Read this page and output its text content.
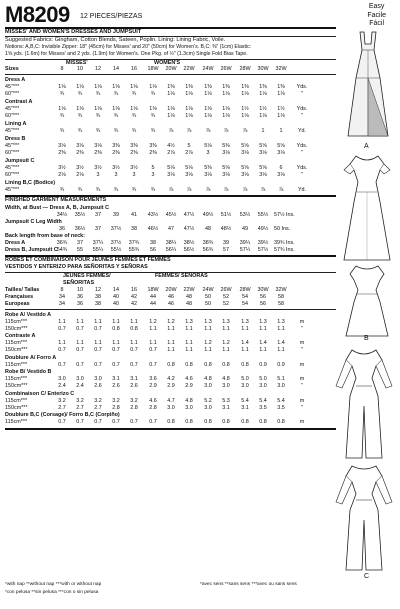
M8209 12 PIECES/PIEZAS
Easy
Facile
Fácil
MISSES' AND WOMEN'S DRESSES AND JUMPSUIT
Suggested Fabrics: Gingham, Cotton Blends, Sateen, Poplin. Lining: Lining Fabric, Voile.
Notions: A,B,C: Invisible Zipper: 18" (45cm) for Misses' and 20" (50cm) for Women's. B,C: ⅜" (1cm) Elastic:
1⅝ yds. (1.6m) for Misses' and 2 yds. (1.9m) for Women's. One Pkg. of ½" (1.3cm) Single Fold Bias Tape.
MISSES'	WOMEN'S
Sizes	8	10	12	14	16	18W 20W 22W 24W 26W 28W 30W 32W
Dress A
45"***	1⅛	1⅛	1⅛	1⅛	1⅛	1⅛	1⅜	1⅜	1⅜	1⅜	1⅜	1⅜	1⅜	Yds.
60"***	¾	¾	¾	¾	¾	¾	1⅛	1⅛	1⅛	1⅛	1⅛	1⅛	1⅛	"
Contrast A
45"***	1⅛	1⅛	1⅛	1⅛	1⅛	1⅛	1⅛	1⅛	1⅛	1⅛	1½	1½	1½	Yds.
60"***	¾	¾	¾	¾	¾	¾	1⅛	1⅛	1⅛	1⅛	1⅛	1⅛	1⅛	"
Lining A
45"***	¾	¾	¾	¾	¾	¾	⅞	⅞	⅞	⅞	⅞	1	1	Yd.
Dress B
45"***	3⅛	3⅛	3⅛	3⅜	3⅜	3⅜	4½	5	5⅛	5⅜	5⅝	5⅝	5⅝	Yds.
60"***	2⅜	2⅜	2⅜	2⅜	2⅜	2⅜	2⅞	2⅞	3	3⅛	3⅛	3⅛	3⅛	"
Jumpsuit C
45"***	3½	3½	3½	3½	3½	5	5⅛	5⅛	5⅜	5⅝	5⅝	5⅝	6	Yds.
60"***	2⅛	2⅛	3	3	3	3	3⅛	3⅛	3⅛	3⅛	3⅛	3⅛	3⅛	"
Lining B,C (Bodice)
45"***	¾	¾	¾	¾	¾	¾	⅞	⅞	⅞	⅞	⅞	⅞	⅞	Yd.
FINISHED GARMENT MEASUREMENTS
Width, at Bust — Dress A, B, Jumpsuit C
34½	35½	37	39	41	43½	45½	47½	49½	51½	53½	55½	57½ Ins.
Jumpsuit C Leg Width
36	36½	37	37½	38	46½	47	47½	48	48½	49	49½	50 Ins.
Back length from base of neck:
Dress A	36¾	37	37¼	37½	37¾	38	38¼	38½	38¾	39	39¼	39½	39¾ Ins.
Dress B, Jumpsuit C 54¾	55	55¼	55½	55¾	56	56¼	56½	56¾	57	57¼	57½	57¾ Ins.
ROBES ET COMBINAISON POUR JEUNES FEMMES ET FEMMES
VESTIDOS Y ENTERIZO PARA SEÑORITAS Y SEÑORAS
JEUNES FEMMES/	FEMMES/ SEÑORAS
SEÑORITAS
Tailles/ Tallas	8	10	12	14	16	18W 20W 22W 24W 26W 28W 30W 32W
Françaises	34	36	38	40	42	44	46	48	50	52	54	56	58
Europeas	34	36	38	40	42	44	46	48	50	52	54	56	58
Robe A/ Vestido A
115cm***	1.1	1.1	1.1	1.1	1.1	1.2	1.2	1.3	1.3	1.3	1.3	1.3	1.3	m
150cm***	0.7	0.7	0.7	0.8	0.8	1.1	1.1	1.1	1.1	1.1	1.1	1.1	1.1	"
Contraste A
115cm***	1.1	1.1	1.1	1.1	1.1	1.1	1.1	1.1	1.2	1.2	1.4	1.4	1.4	m
150cm***	0.7	0.7	0.7	0.7	0.7	0.7	1.1	1.1	1.1	1.1	1.1	1.1	1.1	"
Doublure A/ Forro A
115cm***	0.7	0.7	0.7	0.7	0.7	0.7	0.8	0.8	0.8	0.8	0.8	0.9	0.9	m
Robe B/ Vestido B
115cm***	3.0	3.0	3.0	3.1	3.1	3.6	4.2	4.6	4.8	4.8	5.0	5.0	5.1	m
150cm***	2.4	2.4	2.6	2.6	2.6	2.9	2.9	2.9	3.0	3.0	3.0	3.0	3.0	"
Combinaison C/ Enterizo C
115cm***	3.2	3.2	3.2	3.2	3.2	4.6	4.7	4.8	5.2	5.3	5.4	5.4	5.4	m
150cm***	2.7	2.7	2.7	2.8	2.8	2.8	3.0	3.0	3.0	3.1	3.1	3.5	3.5	"
Doublure B,C (Corsage)/ Forro B,C (Corpiño)
115cm***	0.7	0.7	0.7	0.7	0.7	0.7	0.8	0.8	0.8	0.8	0.8	0.8	0.8	m
*with nap **without nap ***with or without nap
*con pelusa **sin pelusa ***con o sin pelusa
*avec sens **sans sens ***avec ou sans sens
A
B
C
